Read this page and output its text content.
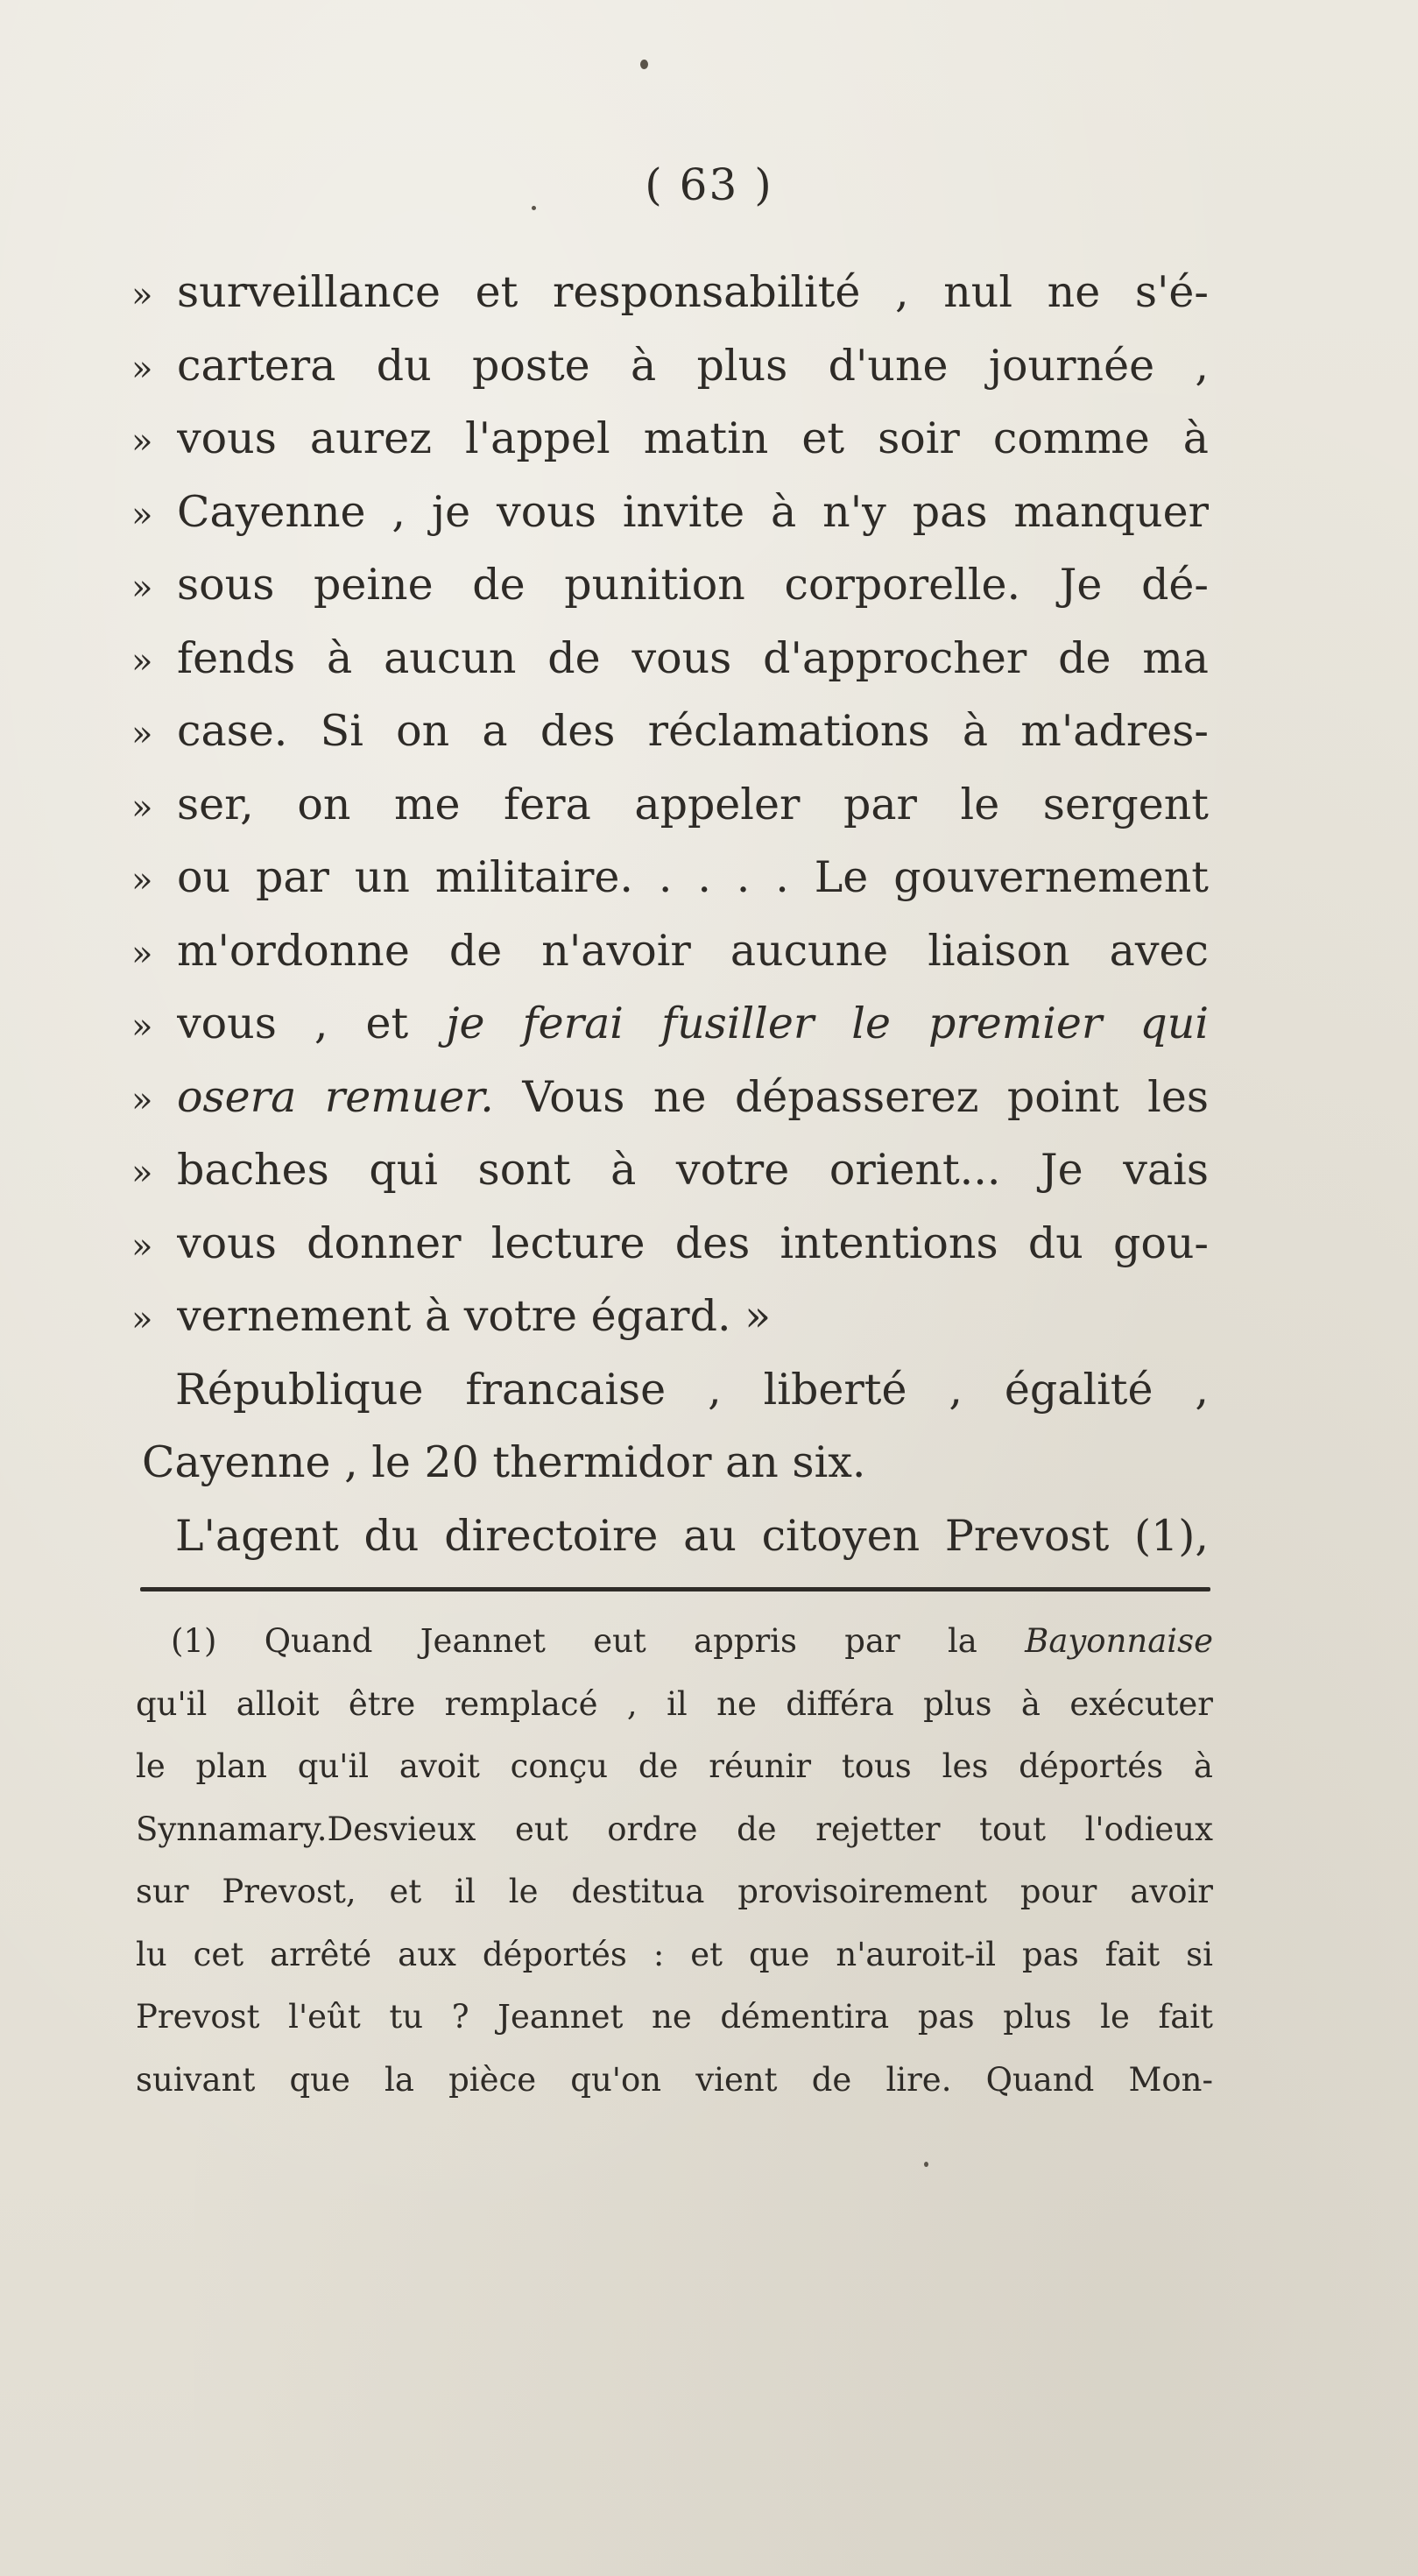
( 63 )
» surveillance et responsabilité , nul ne s'é-
» cartera du poste à plus d'une journée ,
» vous aurez l'appel matin et soir comme à
» Cayenne , je vous invite à n'y pas manquer
» sous peine de punition corporelle. Je dé-
» fends à aucun de vous d'approcher de ma
» case. Si on a des réclamations à m'adres-
» ser, on me fera appeler par le sergent
» ou par un militaire. . . . . Le gouvernement
» m'ordonne de n'avoir aucune liaison avec
» vous , et je ferai fusiller le premier qui
» osera remuer. Vous ne dépasserez point les
» baches qui sont à votre orient... Je vais
» vous donner lecture des intentions du gou-
» vernement à votre égard. »
République francaise , liberté , égalité ,
Cayenne , le 20 thermidor an six.
L'agent du directoire au citoyen Prevost (1),
(1) Quand Jeannet eut appris par la Bayonnaise
qu'il alloit être remplacé , il ne différa plus à exécuter
le plan qu'il avoit conçu de réunir tous les déportés à
Synnamary.Desvieux eut ordre de rejetter tout l'odieux
sur Prevost, et il le destitua provisoirement pour avoir
lu cet arrêté aux déportés : et que n'auroit-il pas fait si
Prevost l'eût tu ? Jeannet ne démentira pas plus le fait
suivant que la pièce qu'on vient de lire. Quand Mon-
